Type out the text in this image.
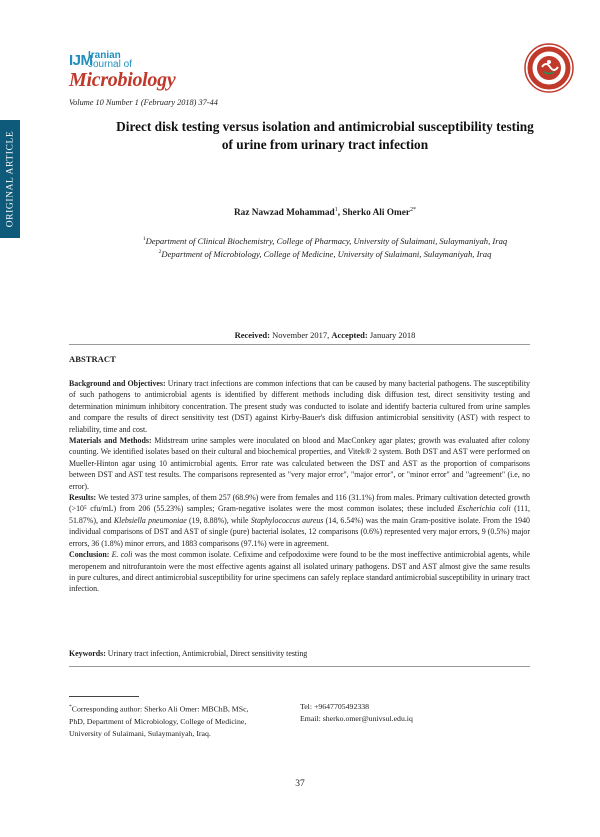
ORIGINAL ARTICLE
IJM
Iranian
Journal of
Microbiology
Volume 10 Number 1 (February 2018) 37-44
Direct disk testing versus isolation and antimicrobial susceptibility testing
of urine from urinary tract infection
Raz Nawzad Mohammad$^1$, Sherko Ali Omer$^{2*}$
$^1$Department of Clinical Biochemistry, College of Pharmacy, University of Sulaimani, Sulaymaniyah, Iraq
$^2$Department of Microbiology, College of Medicine, University of Sulaimani, Sulaymaniyah, Iraq
Received: November 2017, Accepted: January 2018
ABSTRACT

Background and Objectives: Urinary tract infections are common infections that can be caused by many bacterial pathogens. The susceptibility of such pathogens to antimicrobial agents is identified by different methods including disk diffusion test, direct sensitivity testing and determination minimum inhibitory concentration. The present study was conducted to isolate and identify bacteria cultured from urine samples and compare the results of direct sensitivity test (DST) against Kirby-Bauer's disk diffusion antimicrobial sensitivity (AST) with respect to reliability, time and cost.

Materials and Methods: Midstream urine samples were inoculated on blood and MacConkey agar plates; growth was evaluated after colony counting. We identified isolates based on their cultural and biochemical properties, and Vitek® 2 system. Both DST and AST were performed on Mueller-Hinton agar using 10 antimicrobial agents. Error rate was calculated between the DST and AST as the proportion of comparisons between DST and AST test results. The comparisons represented as "very major error", "major error", or "minor error" and "agreement" (i.e, no error).

Results: We tested 373 urine samples, of them 257 (68.9%) were from females and 116 (31.1%) from males. Primary cultivation detected growth (>10⁵ cfu/mL) from 206 (55.23%) samples; Gram-negative isolates were the most common isolates; these included Escherichia coli (111, 51.87%), and Klebsiella pneumoniae (19, 8.88%), while Staphylococcus aureus (14, 6.54%) was the main Gram-positive isolate. From the 1940 individual comparisons of DST and AST of single (pure) bacterial isolates, 12 comparisons (0.6%) represented very major errors, 9 (0.5%) major errors, 36 (1.8%) minor errors, and 1883 comparisons (97.1%) were in agreement.

Conclusion: E. coli was the most common isolate. Cefixime and cefpodoxime were found to be the most ineffective antimicrobial agents, while meropenem and nitrofurantoin were the most effective agents against all isolated urinary pathogens. DST and AST almost give the same results in pure cultures, and direct antimicrobial susceptibility for urine specimens can safely replace standard antimicrobial susceptibility in urinary tract infection.

Keywords: Urinary tract infection, Antimicrobial, Direct sensitivity testing
*Corresponding author: Sherko Ali Omer: MBChB, MSc,
PhD, Department of Microbiology, College of Medicine,
University of Sulaimani, Sulaymaniyah, Iraq.
Tel: +9647705492338
Email: sherko.omer@univsul.edu.iq
37
